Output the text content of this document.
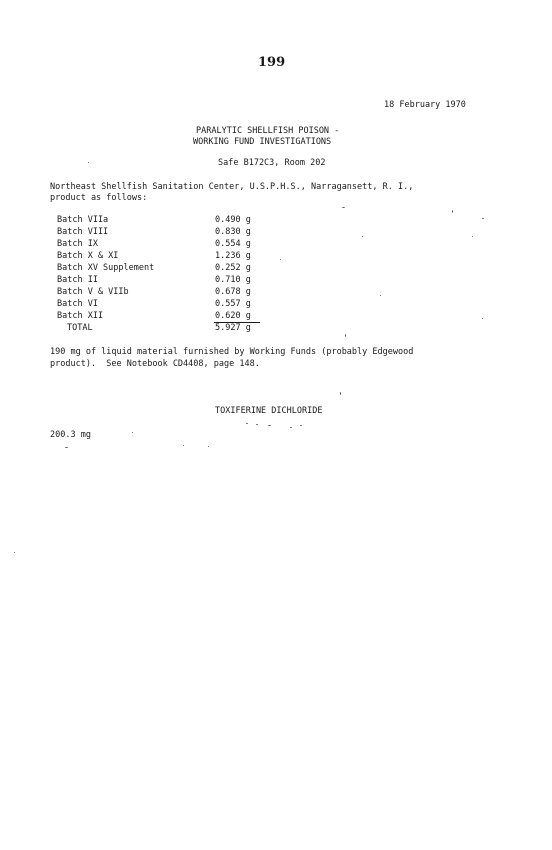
199
18 February 1970
PARALYTIC SHELLFISH POISON -
WORKING FUND INVESTIGATIONS
Safe B172C3, Room 202
Northeast Shellfish Sanitation Center, U.S.P.H.S., Narragansett, R. I.,
product as follows:
Batch VIIa	0.490 g
Batch VIII	0.830 g
Batch IX	0.554 g
Batch X & XI	1.236 g
Batch XV Supplement	0.252 g
Batch II	0.710 g
Batch V & VIIb	0.678 g
Batch VI	0.557 g
Batch XII	0.620 g
TOTAL	5.927 g
190 mg of liquid material furnished by Working Funds (probably Edgewood
product).  See Notebook CD4408, page 148.
TOXIFERINE DICHLORIDE
200.3 mg
